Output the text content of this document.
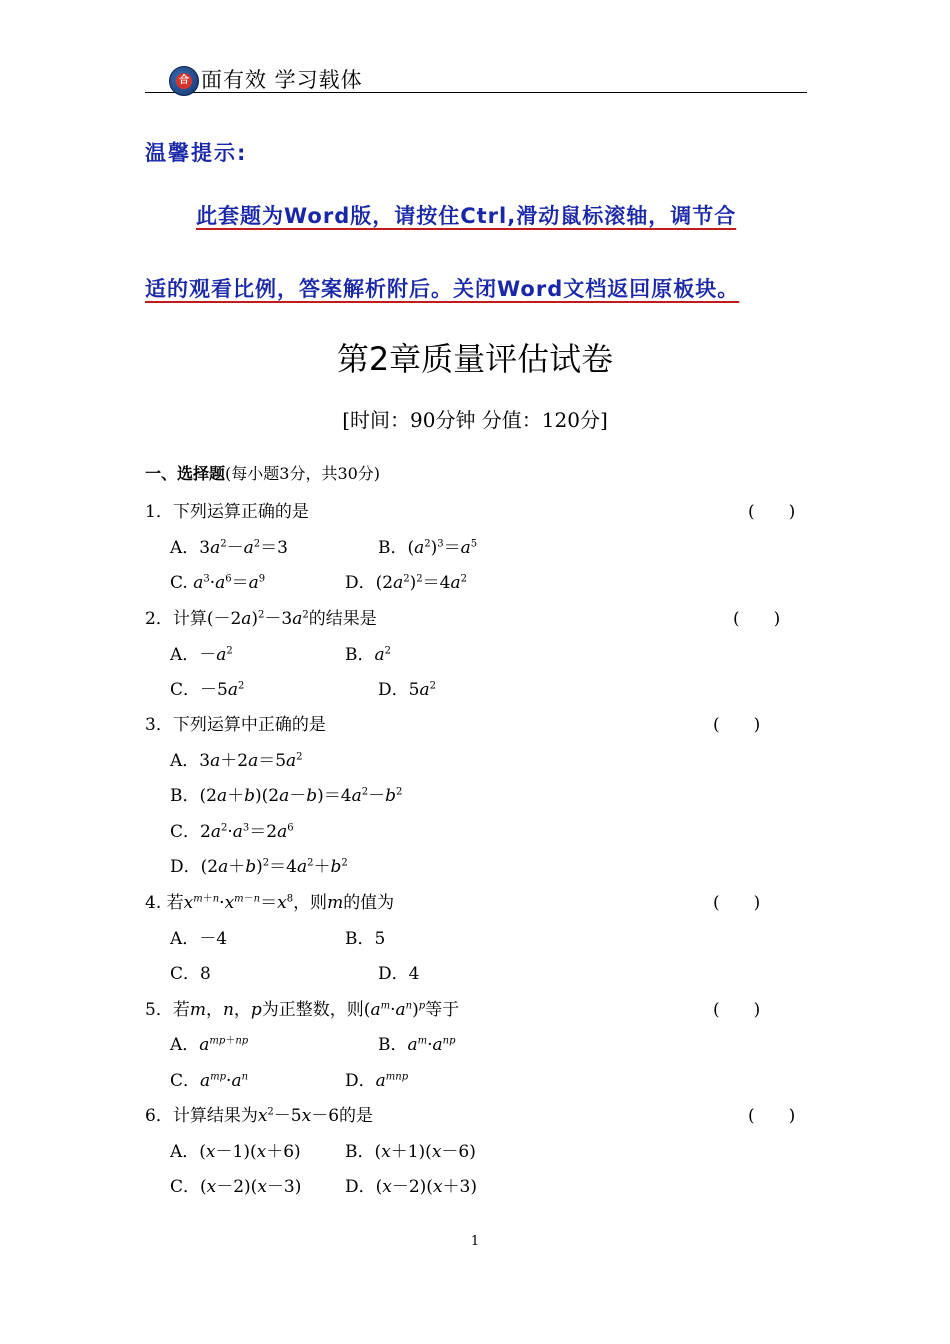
合 面有效 学习载体
温馨提示:
此套题为Word版，请按住Ctrl,滑动鼠标滚轴，调节合
适的观看比例，答案解析附后。关闭Word文档返回原板块。
第2章质量评估试卷
[时间：90分钟 分值：120分]
一、选择题(每小题3分，共30分)
1．下列运算正确的是	(　　)
A．$3a^2-a^2=3$	B．$(a^2)^3=a^5$
C. $a^3\cdot a^6=a^9$	D．$(2a^2)^2=4a^2$
2．计算$(-2a)^2-3a^2$的结果是	(　　)
A．$-a^2$	B．$a^2$
C．$-5a^2$	D．$5a^2$
3．下列运算中正确的是	(　　)
A．$3a+2a=5a^2$
B．$(2a+b)(2a-b)=4a^2-b^2$
C．$2a^2\cdot a^3=2a^6$
D．$(2a+b)^2=4a^2+b^2$
4. 若$x^{m+n}\cdot x^{m-n}=x^8$，则m的值为	(　　)
A．－4	B．5
C．8	D．4
5．若m，n，p为正整数，则$(a^m\cdot a^n)^p$等于	(　　)
A．$a^{mp+np}$	B．$a^m\cdot a^{np}$
C．$a^{mp}\cdot a^n$	D．$a^{mnp}$
6．计算结果为$x^2-5x-6$的是	(　　)
A．(x－1)(x＋6)	B．(x＋1)(x－6)
C．(x－2)(x－3)	D．(x－2)(x＋3)
1
